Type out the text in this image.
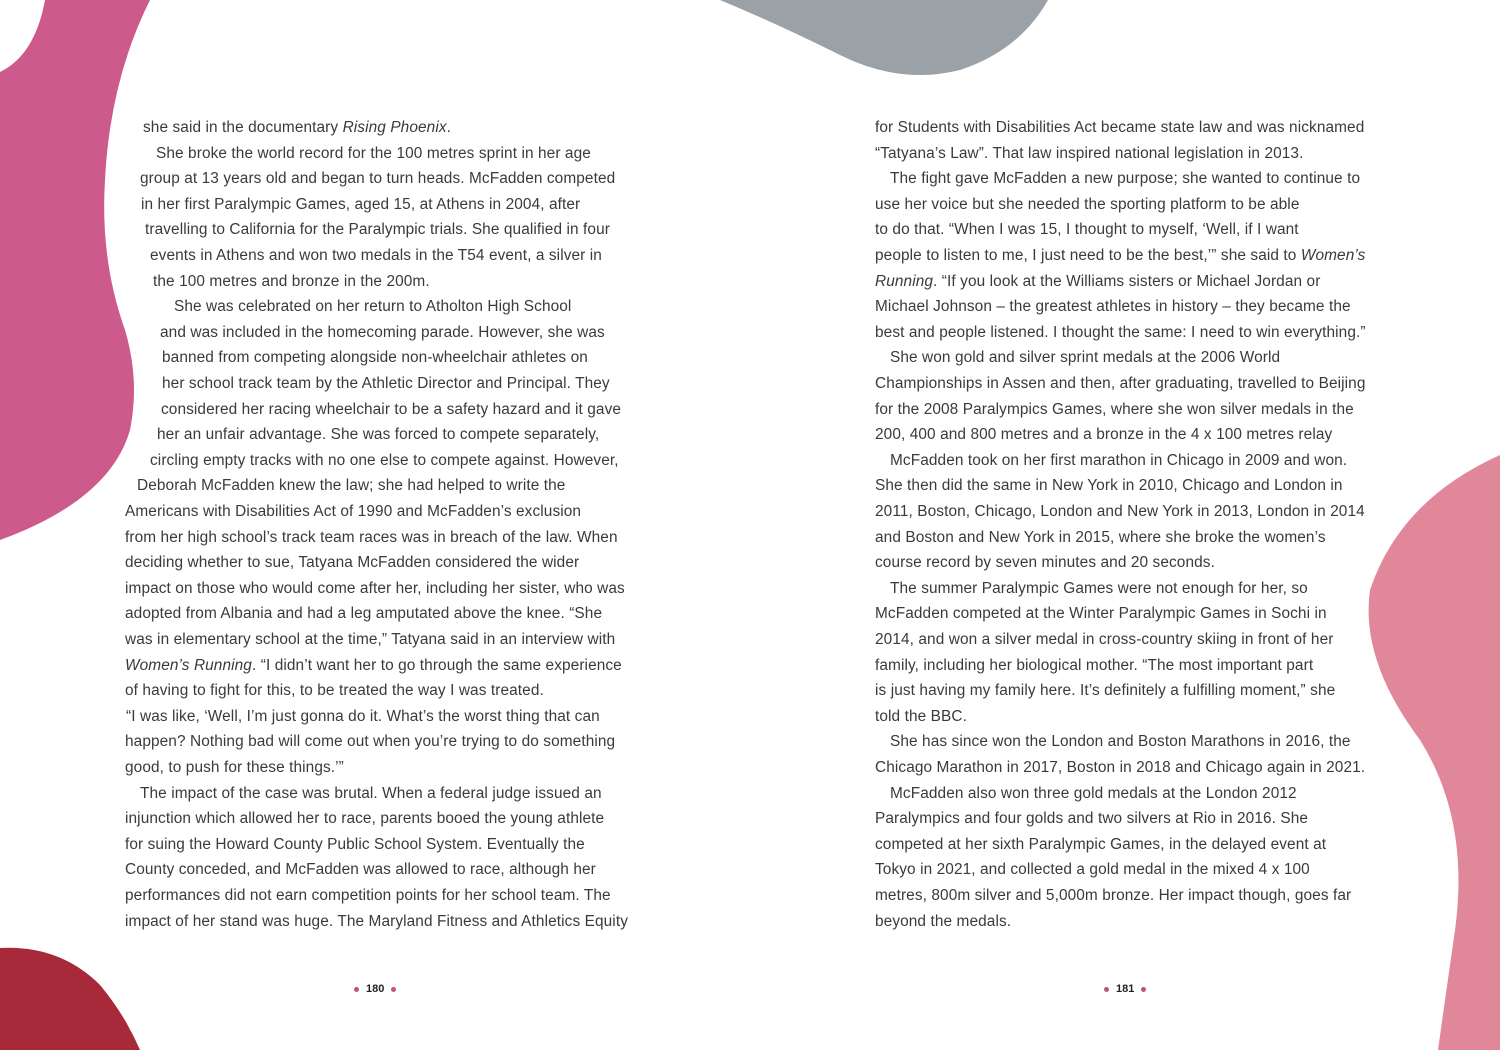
she said in the documentary Rising Phoenix.
She broke the world record for the 100 metres sprint in her age
group at 13 years old and began to turn heads. McFadden competed
in her first Paralympic Games, aged 15, at Athens in 2004, after
travelling to California for the Paralympic trials. She qualified in four
events in Athens and won two medals in the T54 event, a silver in
the 100 metres and bronze in the 200m.
She was celebrated on her return to Atholton High School
and was included in the homecoming parade. However, she was
banned from competing alongside non-wheelchair athletes on
her school track team by the Athletic Director and Principal. They
considered her racing wheelchair to be a safety hazard and it gave
her an unfair advantage. She was forced to compete separately,
circling empty tracks with no one else to compete against. However,
Deborah McFadden knew the law; she had helped to write the
Americans with Disabilities Act of 1990 and McFadden’s exclusion
from her high school’s track team races was in breach of the law. When
deciding whether to sue, Tatyana McFadden considered the wider
impact on those who would come after her, including her sister, who was
adopted from Albania and had a leg amputated above the knee. “She
was in elementary school at the time,” Tatyana said in an interview with
Women’s Running. “I didn’t want her to go through the same experience
of having to fight for this, to be treated the way I was treated.
“I was like, ‘Well, I’m just gonna do it. What’s the worst thing that can
happen? Nothing bad will come out when you’re trying to do something
good, to push for these things.’”
The impact of the case was brutal. When a federal judge issued an
injunction which allowed her to race, parents booed the young athlete
for suing the Howard County Public School System. Eventually the
County conceded, and McFadden was allowed to race, although her
performances did not earn competition points for her school team. The
impact of her stand was huge. The Maryland Fitness and Athletics Equity
for Students with Disabilities Act became state law and was nicknamed
“Tatyana’s Law”. That law inspired national legislation in 2013.
The fight gave McFadden a new purpose; she wanted to continue to
use her voice but she needed the sporting platform to be able
to do that. “When I was 15, I thought to myself, ‘Well, if I want
people to listen to me, I just need to be the best,’” she said to Women’s
Running. “If you look at the Williams sisters or Michael Jordan or
Michael Johnson – the greatest athletes in history – they became the
best and people listened. I thought the same: I need to win everything.”
She won gold and silver sprint medals at the 2006 World
Championships in Assen and then, after graduating, travelled to Beijing
for the 2008 Paralympics Games, where she won silver medals in the
200, 400 and 800 metres and a bronze in the 4 x 100 metres relay
McFadden took on her first marathon in Chicago in 2009 and won.
She then did the same in New York in 2010, Chicago and London in
2011, Boston, Chicago, London and New York in 2013, London in 2014
and Boston and New York in 2015, where she broke the women’s
course record by seven minutes and 20 seconds.
The summer Paralympic Games were not enough for her, so
McFadden competed at the Winter Paralympic Games in Sochi in
2014, and won a silver medal in cross-country skiing in front of her
family, including her biological mother. “The most important part
is just having my family here. It’s definitely a fulfilling moment,” she
told the BBC.
She has since won the London and Boston Marathons in 2016, the
Chicago Marathon in 2017, Boston in 2018 and Chicago again in 2021.
McFadden also won three gold medals at the London 2012
Paralympics and four golds and two silvers at Rio in 2016. She
competed at her sixth Paralympic Games, in the delayed event at
Tokyo in 2021, and collected a gold medal in the mixed 4 x 100
metres, 800m silver and 5,000m bronze. Her impact though, goes far
beyond the medals.
180	181
